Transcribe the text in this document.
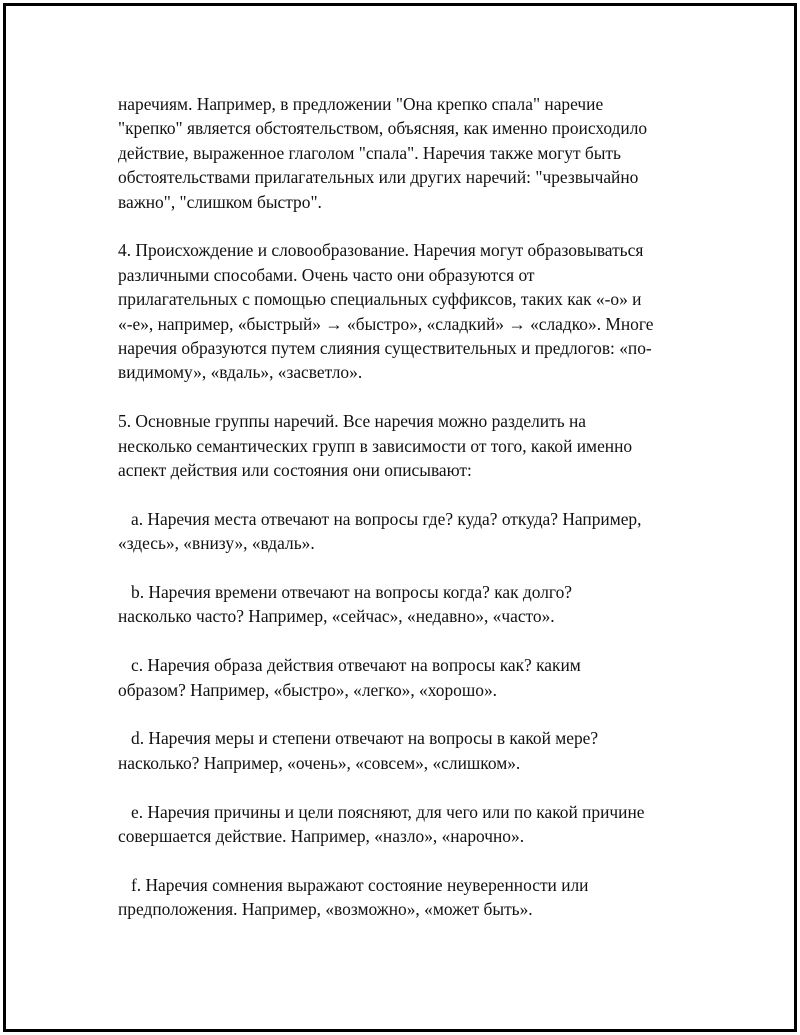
наречиям. Например, в предложении "Она крепко спала" наречие
"крепко" является обстоятельством, объясняя, как именно происходило
действие, выраженное глаголом "спала". Наречия также могут быть
обстоятельствами прилагательных или других наречий: "чрезвычайно
важно", "слишком быстро".

4. Происхождение и словообразование. Наречия могут образовываться
различными способами. Очень часто они образуются от
прилагательных с помощью специальных суффиксов, таких как «-о» и
«-е», например, «быстрый» → «быстро», «сладкий» → «сладко». Многе
наречия образуются путем слияния существительных и предлогов: «по-
видимому», «вдаль», «засветло».

5. Основные группы наречий. Все наречия можно разделить на
несколько семантических групп в зависимости от того, какой именно
аспект действия или состояния они описывают:

a. Наречия места отвечают на вопросы где? куда? откуда? Например,
«здесь», «внизу», «вдаль».

b. Наречия времени отвечают на вопросы когда? как долго?
насколько часто? Например, «сейчас», «недавно», «часто».

c. Наречия образа действия отвечают на вопросы как? каким
образом? Например, «быстро», «легко», «хорошо».

d. Наречия меры и степени отвечают на вопросы в какой мере?
насколько? Например, «очень», «совсем», «слишком».

e. Наречия причины и цели поясняют, для чего или по какой причине
совершается действие. Например, «назло», «нарочно».

f. Наречия сомнения выражают состояние неуверенности или
предположения. Например, «возможно», «может быть».
